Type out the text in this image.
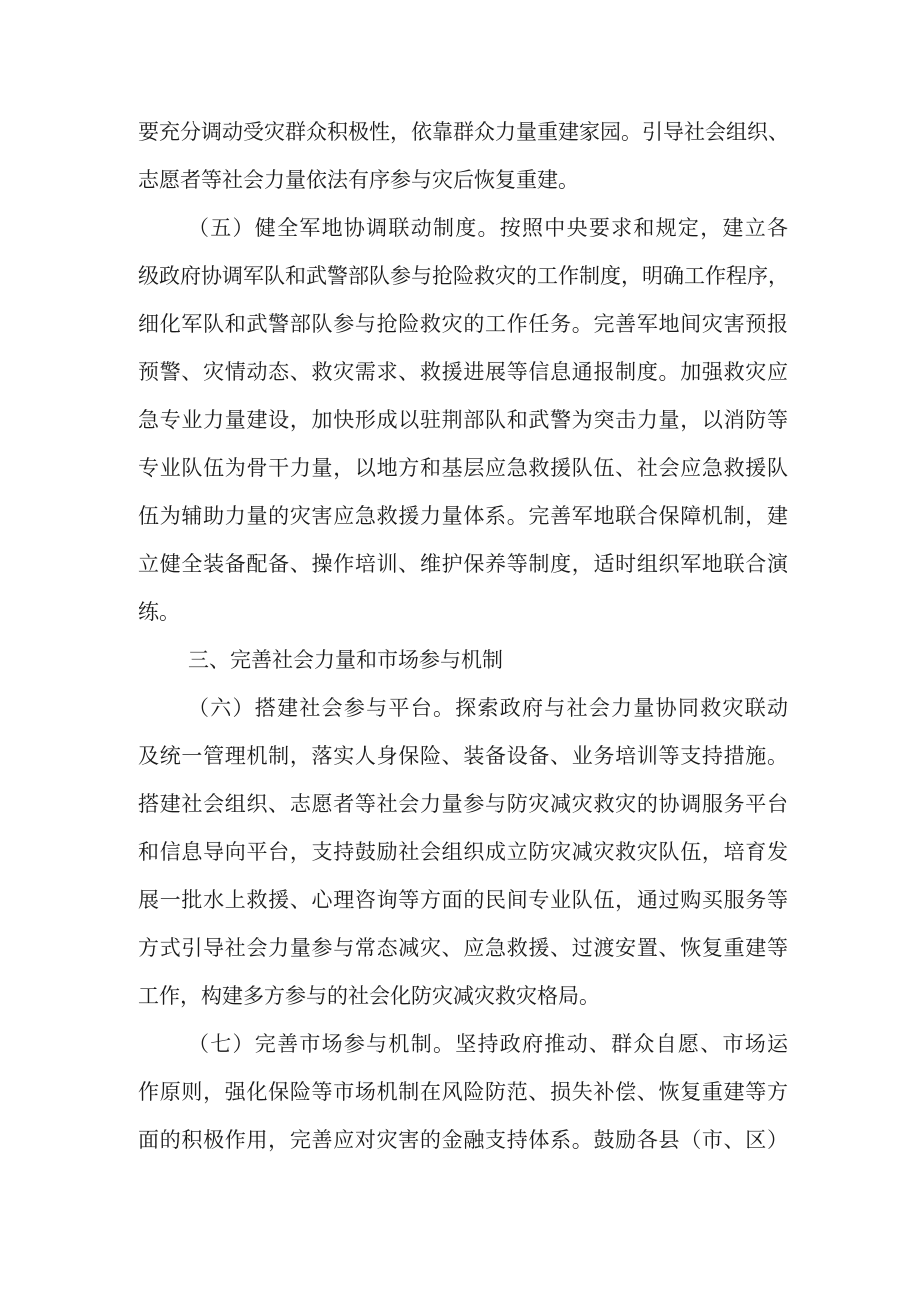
要充分调动受灾群众积极性，依靠群众力量重建家园。引导社会组织、
志愿者等社会力量依法有序参与灾后恢复重建。
（五）健全军地协调联动制度。按照中央要求和规定，建立各
级政府协调军队和武警部队参与抢险救灾的工作制度，明确工作程序，
细化军队和武警部队参与抢险救灾的工作任务。完善军地间灾害预报
预警、灾情动态、救灾需求、救援进展等信息通报制度。加强救灾应
急专业力量建设，加快形成以驻荆部队和武警为突击力量，以消防等
专业队伍为骨干力量，以地方和基层应急救援队伍、社会应急救援队
伍为辅助力量的灾害应急救援力量体系。完善军地联合保障机制，建
立健全装备配备、操作培训、维护保养等制度，适时组织军地联合演
练。
三、完善社会力量和市场参与机制
（六）搭建社会参与平台。探索政府与社会力量协同救灾联动
及统一管理机制，落实人身保险、装备设备、业务培训等支持措施。
搭建社会组织、志愿者等社会力量参与防灾减灾救灾的协调服务平台
和信息导向平台，支持鼓励社会组织成立防灾减灾救灾队伍，培育发
展一批水上救援、心理咨询等方面的民间专业队伍，通过购买服务等
方式引导社会力量参与常态减灾、应急救援、过渡安置、恢复重建等
工作，构建多方参与的社会化防灾减灾救灾格局。
（七）完善市场参与机制。坚持政府推动、群众自愿、市场运
作原则，强化保险等市场机制在风险防范、损失补偿、恢复重建等方
面的积极作用，完善应对灾害的金融支持体系。鼓励各县（市、区）
